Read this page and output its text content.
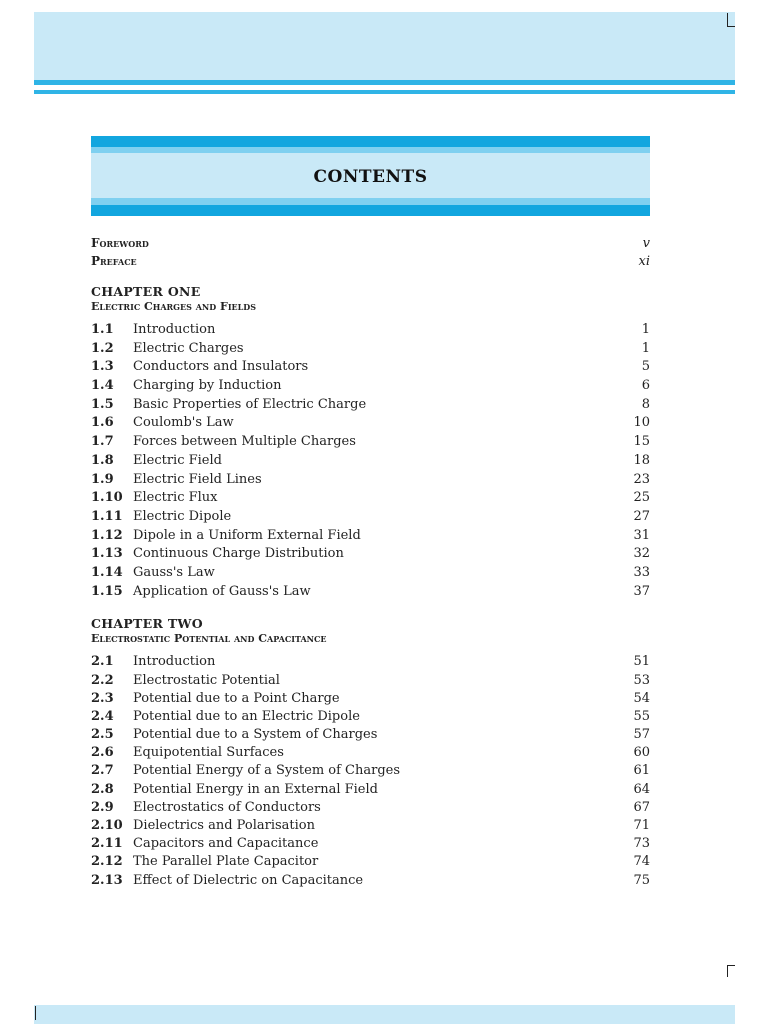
CONTENTS
Foreword	v
Preface	xi
CHAPTER ONE
Electric Charges and Fields
1.1 Introduction	1
1.2 Electric Charges	1
1.3 Conductors and Insulators	5
1.4 Charging by Induction	6
1.5 Basic Properties of Electric Charge	8
1.6 Coulomb's Law	10
1.7 Forces between Multiple Charges	15
1.8 Electric Field	18
1.9 Electric Field Lines	23
1.10 Electric Flux	25
1.11 Electric Dipole	27
1.12 Dipole in a Uniform External Field	31
1.13 Continuous Charge Distribution	32
1.14 Gauss's Law	33
1.15 Application of Gauss's Law	37
CHAPTER TWO
Electrostatic Potential and Capacitance
2.1 Introduction	51
2.2 Electrostatic Potential	53
2.3 Potential due to a Point Charge	54
2.4 Potential due to an Electric Dipole	55
2.5 Potential due to a System of Charges	57
2.6 Equipotential Surfaces	60
2.7 Potential Energy of a System of Charges	61
2.8 Potential Energy in an External Field	64
2.9 Electrostatics of Conductors	67
2.10 Dielectrics and Polarisation	71
2.11 Capacitors and Capacitance	73
2.12 The Parallel Plate Capacitor	74
2.13 Effect of Dielectric on Capacitance	75
